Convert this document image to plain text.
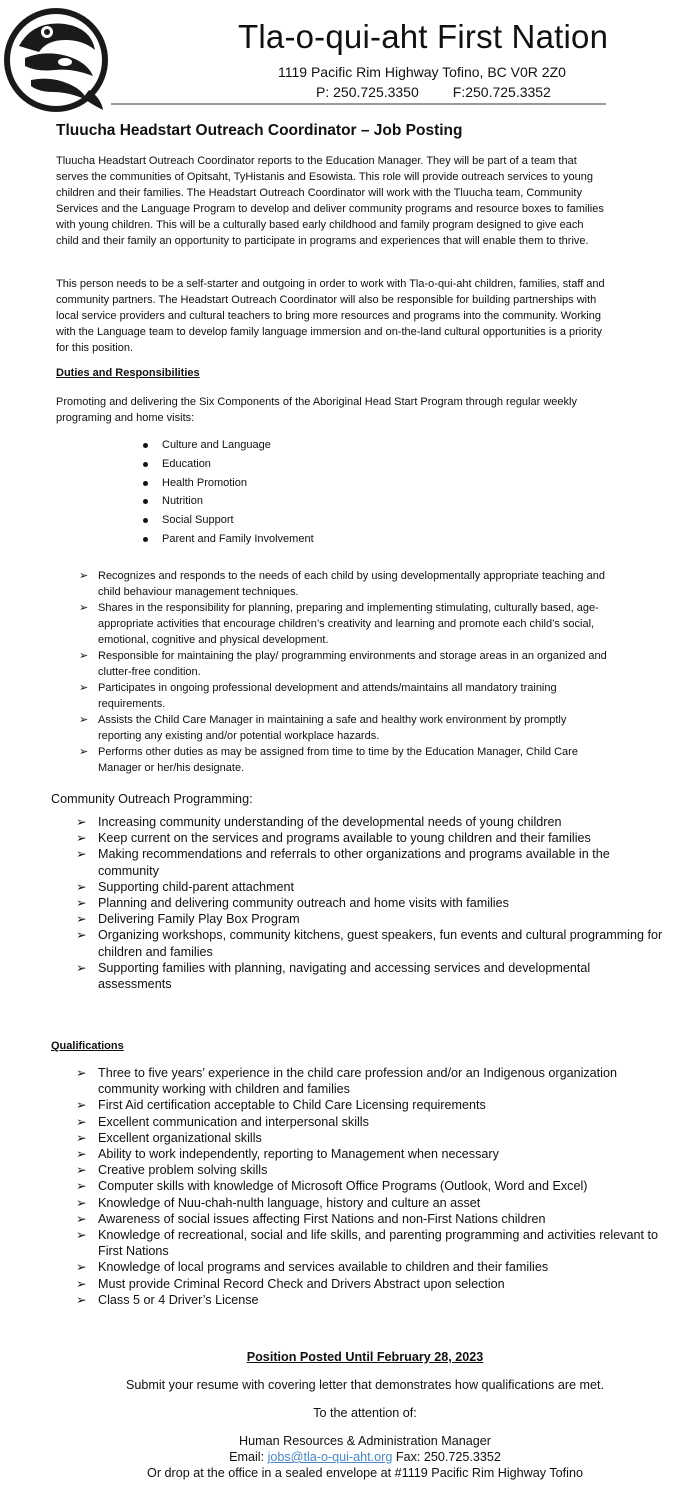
Tla-o-qui-aht First Nation
1119 Pacific Rim Highway Tofino, BC V0R 2Z0
P: 250.725.3350 F:250.725.3352
Tluucha Headstart Outreach Coordinator – Job Posting
Tluucha Headstart Outreach Coordinator reports to the Education Manager. They will be part of a team that serves the communities of Opitsaht, TyHistanis and Esowista. This role will provide outreach services to young children and their families. The Headstart Outreach Coordinator will work with the Tluucha team, Community Services and the Language Program to develop and deliver community programs and resource boxes to families with young children. This will be a culturally based early childhood and family program designed to give each child and their family an opportunity to participate in programs and experiences that will enable them to thrive.
This person needs to be a self-starter and outgoing in order to work with Tla-o-qui-aht children, families, staff and community partners. The Headstart Outreach Coordinator will also be responsible for building partnerships with local service providers and cultural teachers to bring more resources and programs into the community. Working with the Language team to develop family language immersion and on-the-land cultural opportunities is a priority for this position.
Duties and Responsibilities
Promoting and delivering the Six Components of the Aboriginal Head Start Program through regular weekly programing and home visits:
Culture and Language
Education
Health Promotion
Nutrition
Social Support
Parent and Family Involvement
➢ Recognizes and responds to the needs of each child by using developmentally appropriate teaching and child behaviour management techniques.
➢ Shares in the responsibility for planning, preparing and implementing stimulating, culturally based, age-appropriate activities that encourage children’s creativity and learning and promote each child’s social, emotional, cognitive and physical development.
➢ Responsible for maintaining the play/ programming environments and storage areas in an organized and clutter-free condition.
➢ Participates in ongoing professional development and attends/maintains all mandatory training requirements.
➢ Assists the Child Care Manager in maintaining a safe and healthy work environment by promptly reporting any existing and/or potential workplace hazards.
➢ Performs other duties as may be assigned from time to time by the Education Manager, Child Care Manager or her/his designate.
Community Outreach Programming:
➢ Increasing community understanding of the developmental needs of young children
➢ Keep current on the services and programs available to young children and their families
➢ Making recommendations and referrals to other organizations and programs available in the community
➢ Supporting child-parent attachment
➢ Planning and delivering community outreach and home visits with families
➢ Delivering Family Play Box Program
➢ Organizing workshops, community kitchens, guest speakers, fun events and cultural programming for children and families
➢ Supporting families with planning, navigating and accessing services and developmental assessments
Qualifications
➢ Three to five years’ experience in the child care profession and/or an Indigenous organization community working with children and families
➢ First Aid certification acceptable to Child Care Licensing requirements
➢ Excellent communication and interpersonal skills
➢ Excellent organizational skills
➢ Ability to work independently, reporting to Management when necessary
➢ Creative problem solving skills
➢ Computer skills with knowledge of Microsoft Office Programs (Outlook, Word and Excel)
➢ Knowledge of Nuu-chah-nulth language, history and culture an asset
➢ Awareness of social issues affecting First Nations and non-First Nations children
➢ Knowledge of recreational, social and life skills, and parenting programming and activities relevant to First Nations
➢ Knowledge of local programs and services available to children and their families
➢ Must provide Criminal Record Check and Drivers Abstract upon selection
➢ Class 5 or 4 Driver’s License
Position Posted Until February 28, 2023
Submit your resume with covering letter that demonstrates how qualifications are met.
To the attention of:
Human Resources & Administration Manager
Email: jobs@tla-o-qui-aht.org Fax: 250.725.3352
Or drop at the office in a sealed envelope at #1119 Pacific Rim Highway Tofino
